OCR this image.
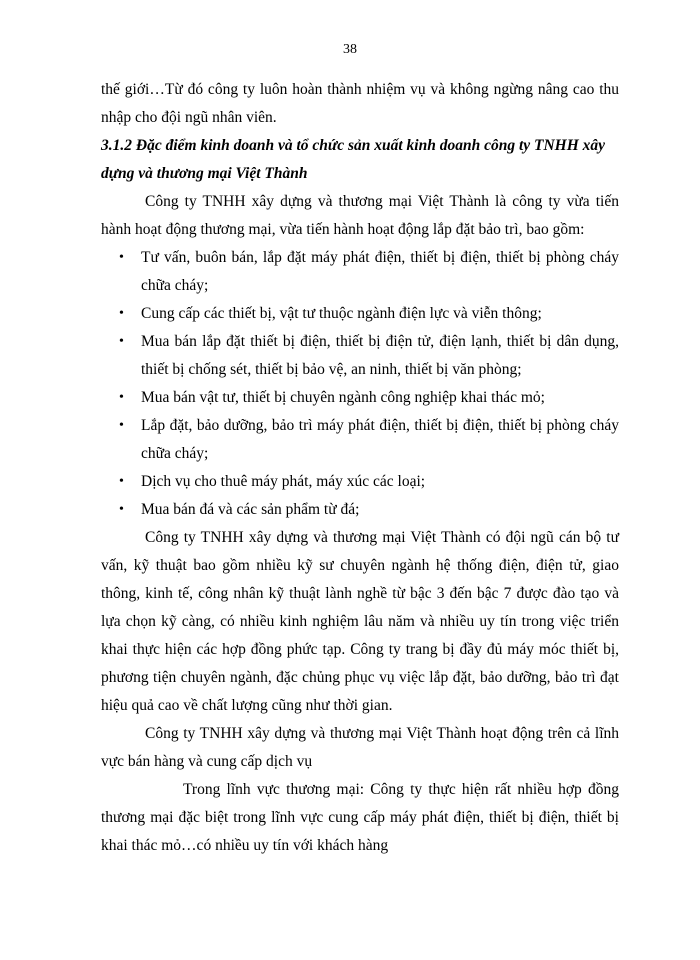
38

thế giới…Từ đó công ty luôn hoàn thành nhiệm vụ và không ngừng nâng cao thu nhập cho đội ngũ nhân viên.

3.1.2 Đặc điểm kinh doanh và tổ chức sản xuất kinh doanh công ty TNHH xây dựng và thương mại Việt Thành

Công ty TNHH xây dựng và thương mại Việt Thành là công ty vừa tiến hành hoạt động thương mại, vừa tiến hành hoạt động lắp đặt bảo trì, bao gồm:

• Tư vấn, buôn bán, lắp đặt máy phát điện, thiết bị điện, thiết bị phòng cháy chữa cháy;
• Cung cấp các thiết bị, vật tư thuộc ngành điện lực và viễn thông;
• Mua bán lắp đặt thiết bị điện, thiết bị điện tử, điện lạnh, thiết bị dân dụng, thiết bị chống sét, thiết bị bảo vệ, an ninh, thiết bị văn phòng;
• Mua bán vật tư, thiết bị chuyên ngành công nghiệp khai thác mỏ;
• Lắp đặt, bảo dưỡng, bảo trì máy phát điện, thiết bị điện, thiết bị phòng cháy chữa cháy;
• Dịch vụ cho thuê máy phát, máy xúc các loại;
• Mua bán đá và các sản phẩm từ đá;

Công ty TNHH xây dựng và thương mại Việt Thành có đội ngũ cán bộ tư vấn, kỹ thuật bao gồm nhiều kỹ sư chuyên ngành hệ thống điện, điện tử, giao thông, kinh tế, công nhân kỹ thuật lành nghề từ bậc 3 đến bậc 7 được đào tạo và lựa chọn kỹ càng, có nhiều kinh nghiệm lâu năm và nhiều uy tín trong việc triển khai thực hiện các hợp đồng phức tạp. Công ty trang bị đầy đủ máy móc thiết bị, phương tiện chuyên ngành, đặc chủng phục vụ việc lắp đặt, bảo dưỡng, bảo trì đạt hiệu quả cao về chất lượng cũng như thời gian.

Công ty TNHH xây dựng và thương mại Việt Thành hoạt động trên cả lĩnh vực bán hàng và cung cấp dịch vụ

Trong lĩnh vực thương mại: Công ty thực hiện rất nhiều hợp đồng thương mại đặc biệt trong lĩnh vực cung cấp máy phát điện, thiết bị điện, thiết bị khai thác mỏ…có nhiều uy tín với khách hàng
